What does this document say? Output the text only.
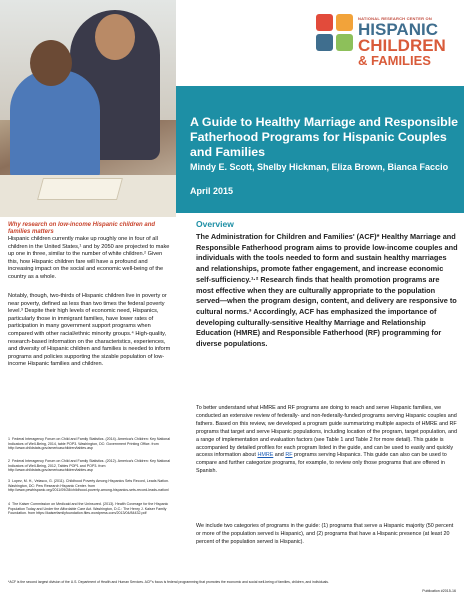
NATIONAL RESEARCH CENTER ON
HISPANIC
CHILDREN
& FAMILIES
A Guide to Healthy Marriage and Responsible Fatherhood Programs for Hispanic Couples and Families
Mindy E. Scott, Shelby Hickman, Eliza Brown, Bianca Faccio
April 2015
Why research on low-income Hispanic children and families matters
Hispanic children currently make up roughly one in four of all children in the United States,¹ and by 2050 are projected to make up one in three, similar to the number of white children.² Given this, how Hispanic children fare will have a profound and increasing impact on the social and economic well-being of the country as a whole.
Notably, though, two-thirds of Hispanic children live in poverty or near poverty, defined as less than two times the federal poverty level.³ Despite their high levels of economic need, Hispanics, particularly those in immigrant families, have lower rates of participation in many government support programs when compared with other racial/ethnic minority groups.⁴ High-quality, research-based information on the characteristics, experiences, and diversity of Hispanic children and families is needed to inform programs and policies supporting the sizable population of low-income Hispanic families and children.
1 Federal Interagency Forum on Child and Family Statistics. (2014). America's Children: Key National Indicators of Well-Being, 2014, table POP3. Washington, DC: Government Printing Office. from http://www.childstats.gov/americaschildren/tables.asp
2 Federal Interagency Forum on Child and Family Statistics. (2012). America's Children: Key National Indicators of Well-Being, 2012, Tables POP1 and POP3. from http://www.childstats.gov/americaschildren/tables.asp
3 Lopez, M. H., Velasco, G. (2011). Childhood Poverty Among Hispanics Sets Record, Leads Nation. Washington, DC: Pew Research Hispanic Center. from http://www.pewhispanic.org/2011/09/28/childhood-poverty-among-hispanics-sets-record-leads-nation/
4 The Kaiser Commission on Medicaid and the Uninsured. (2013). Health Coverage for the Hispanic Population Today and Under the Affordable Care Act. Washington, D.C.: The Henry J. Kaiser Family Foundation. from https://kaiserfamilyfoundation.files.wordpress.com/2013/04/84432.pdf
Overview
The Administration for Children and Families' (ACF)* Healthy Marriage and Responsible Fatherhood program aims to provide low-income couples and individuals with the tools needed to form and sustain healthy marriages and relationships, promote father engagement, and increase economic self-sufficiency.¹·² Research finds that health promotion programs are most effective when they are culturally appropriate to the population served—when the program design, content, and delivery are responsive to cultural norms.³ Accordingly, ACF has emphasized the importance of developing culturally-sensitive Healthy Marriage and Relationship Education (HMRE) and Responsible Fatherhood (RF) programming for diverse populations.
To better understand what HMRE and RF programs are doing to reach and serve Hispanic families, we conducted an extensive review of federally- and non-federally-funded programs serving Hispanic couples and fathers. Based on this review, we developed a program guide summarizing multiple aspects of HMRE and RF programs that target and serve Hispanic populations, including location of the program, target population, and a range of implementation and evaluation factors (see Table 1 and Table 2 for more detail). This guide is accompanied by detailed profiles for each program listed in the guide, and can be used to easily and quickly access information about HMRE and RF programs serving Hispanics. This guide can also can be used to compare and further categorize programs, for example, to review only those programs that are offered in Spanish.
We include two categories of programs in the guide: (1) programs that serve a Hispanic majority (50 percent or more of the population served is Hispanic), and (2) programs that have a Hispanic presence (at least 20 percent of the population served is Hispanic).
*ACF is the second largest division of the U.S. Department of Health and Human Services. ACF's focus is federal programming that promotes the economic and social well-being of families, children, and individuals.
Publication #2015-16
